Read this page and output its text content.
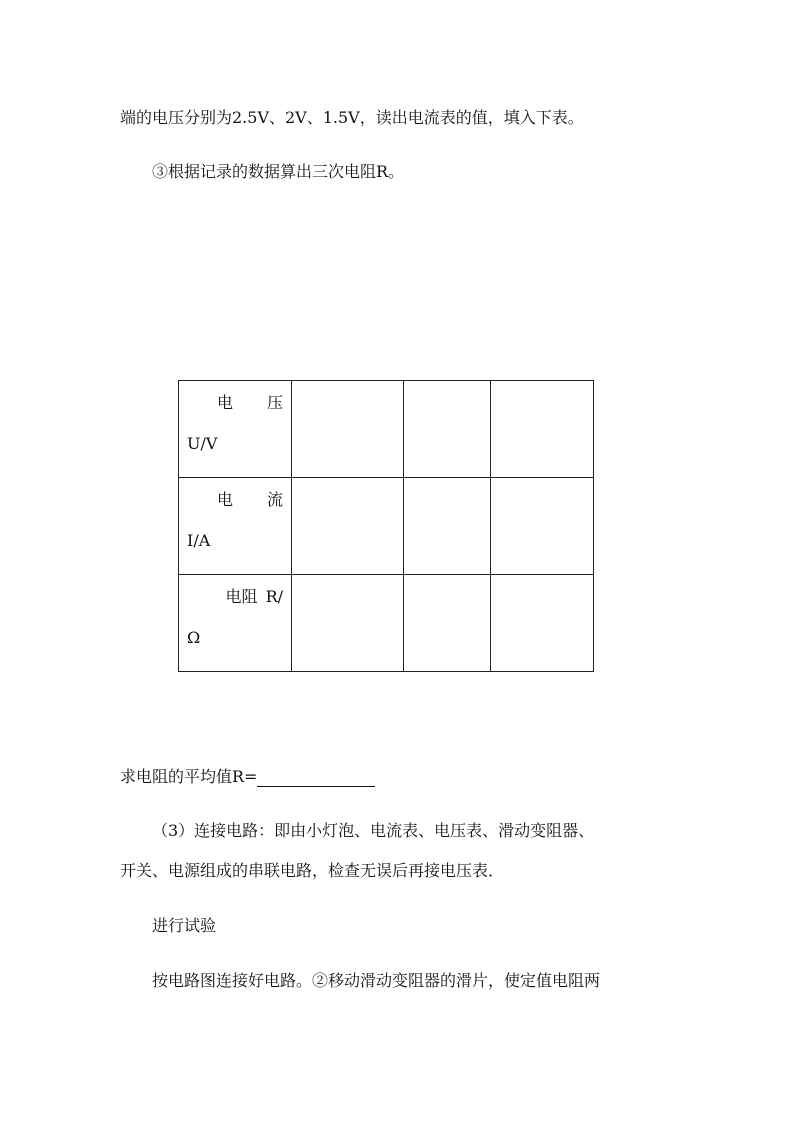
端的电压分别为2.5V、2V、1.5V，读出电流表的值，填入下表。
③根据记录的数据算出三次电阻R。
电 压
U/V			

电 流
I/A			

电阻 R/
Ω			

求电阻的平均值R=
（3）连接电路：即由小灯泡、电流表、电压表、滑动变阻器、
开关、电源组成的串联电路，检查无误后再接电压表．
进行试验
按电路图连接好电路。②移动滑动变阻器的滑片，使定值电阻两
